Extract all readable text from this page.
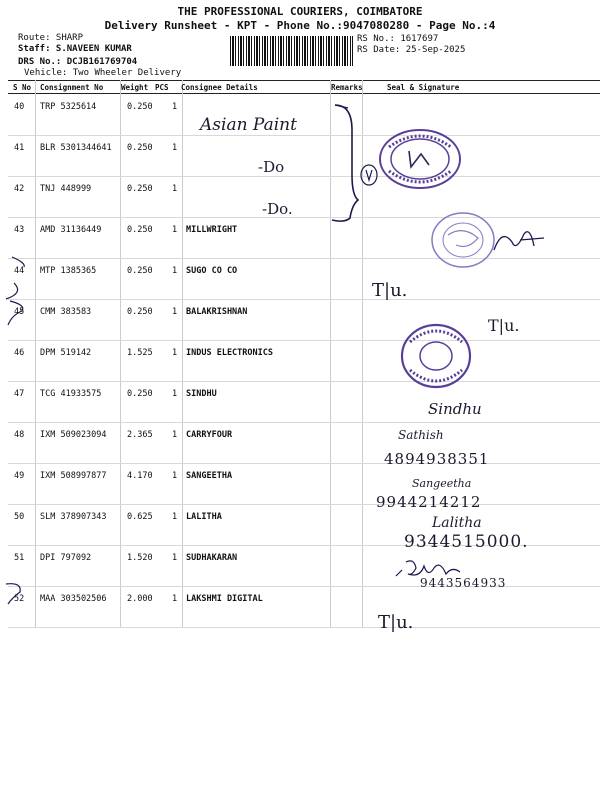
THE PROFESSIONAL COURIERS, COIMBATORE
Delivery Runsheet - KPT - Phone No.:9047080280 - Page No.:4
Route: SHARP
Staff: S.NAVEEN KUMAR
DRS No.: DCJB161769704
Vehicle: Two Wheeler Delivery
RS No.: 1617697
RS Date: 25-Sep-2025
S No Consignment No Weight PCS Consignee Details	Remarks	Seal & Signature
40 TRP 5325614	0.250 1
41 BLR 5301344641 0.250 1
42 TNJ 448999	0.250 1
43 AMD 31136449	0.250 1 MILLWRIGHT
44 MTP 1385365	0.250 1 SUGO CO CO
45 CMM 383583	0.250 1 BALAKRISHNAN
46 DPM 519142	1.525 1 INDUS ELECTRONICS
47 TCG 41933575	0.250 1 SINDHU
48 IXM 509023094 2.365 1 CARRYFOUR
49 IXM 508997877 4.170 1 SANGEETHA
50 SLM 378907343 0.625 1 LALITHA
51 DPI 797092	1.520 1 SUDHAKARAN
52 MAA 303502506 2.000 1 LAKSHMI DIGITAL
Asian Paint
-Do
-Do.
T|u.
T|u.
T|u.
Sindhu
Sathish
4894938351
Sangeetha
9944214212
Lalitha
9344515000.
9443564933
